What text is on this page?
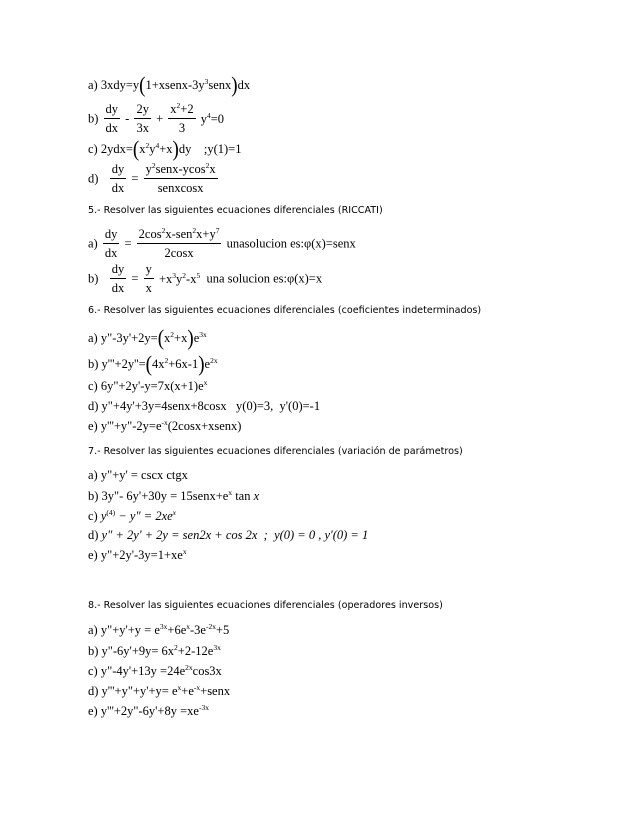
a) $3xdy=y(1+xsenx-3y^3senx)dx$
$b) \frac{dy}{dx} - \frac{2y}{3x} + \frac{x^2+2}{3} y^4=0$
c) $2ydx=(x^2y^4+x)dy$ ;y(1)=1
$d) \frac{dy}{dx} = \frac{y^2senx-ycos^2x}{\text{senxcosx}}$
5.- Resolver las siguientes ecuaciones diferenciales (RICCATI)
$a) \frac{dy}{dx} = \frac{2\cos^2x-sen^2x+y^7}{2\cos x}$ unasolucion es:φ(x)=senx
$b) \frac{dy}{dx} = \frac{y}{x} +x^3y^2-x^5$ una solucion es:φ(x)=x
6.- Resolver las siguientes ecuaciones diferenciales (coeficientes indeterminados)
a) $y"-3y'+2y=(x^2+x)e^{3x}$
b) $y'''+2y''=(4x^2+6x-1)e^{2x}$
c) $6y"+2y'-y=7x(x+1)e^x$
d) y"+4y'+3y=4senx+8cosx   y(0)=3,  y'(0)=-1
e) $y'''+y"-2y=e^{-x}(2\cos x+xsenx)$
7.- Resolver las siguientes ecuaciones diferenciales (variación de parámetros)
a) y"+y' = cscx ctgx
b) 3y"- $6y'+30y = 15senx+e^x$ tan x
c) $y^{(4)} - y$" = $2xe^x$
d) y" + 2y' + 2y = sen2x + cos 2x  ;  y(0) = 0 , y'(0) = 1
e) $y"+2y'-3y=1+xe^x$
8.- Resolver las siguientes ecuaciones diferenciales (operadores inversos)
a) y"+y'+y = $e^{3x}+6e^x-3e^{-2x}+5$
b) y"-6y'+9y= $6x^2+2-12e^{3x}$
c) y"-4y'+13y $=24e^{2x}\cos 3x$
d) y'''+y"+y'+y= $e^x+e^{-x}+senx$
e) y'''+2y"-6y'+8y $=xe^{-3x}$
